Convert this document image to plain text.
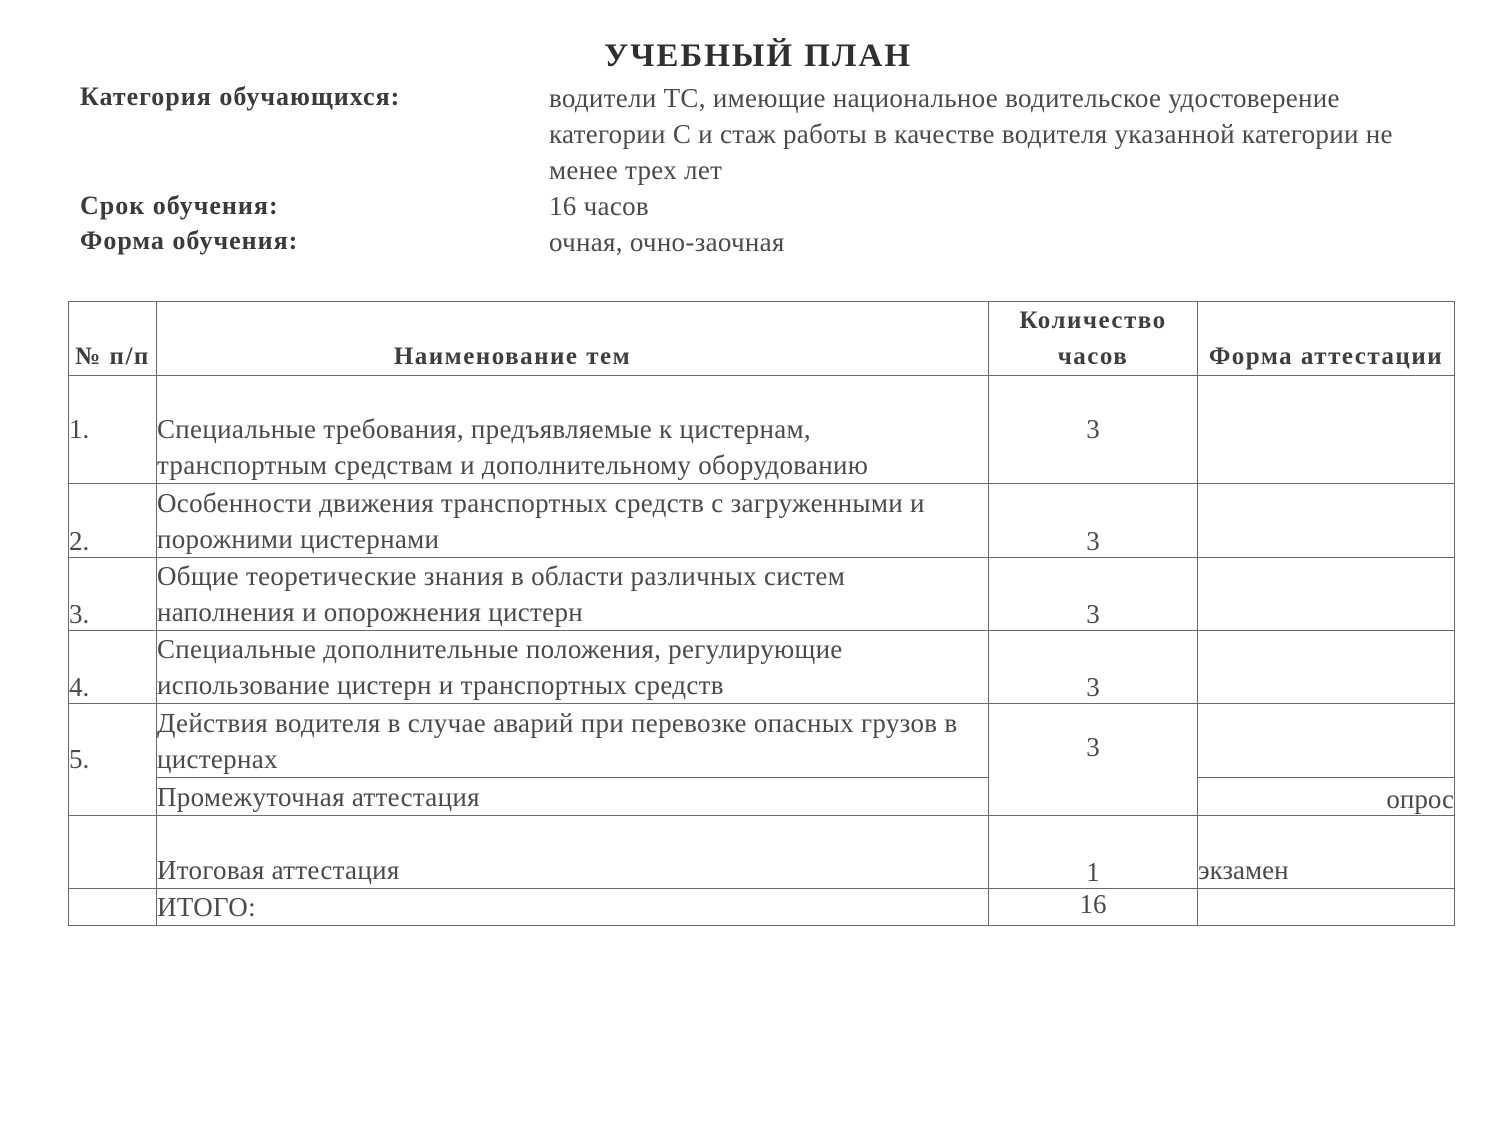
УЧЕБНЫЙ ПЛАН
Категория обучающихся:	водители ТС, имеющие национальное водительское удостоверение категории С и стаж работы в качестве водителя указанной категории не менее трех лет
Срок обучения:	16 часов
Форма обучения:	очная, очно-заочная
№ п/п	Наименование тем	Количество часов	Форма аттестации
1.	Специальные требования, предъявляемые к цистернам, транспортным средствам и дополнительному оборудованию	3	
2.	Особенности движения транспортных средств с загруженными и порожними цистернами	3	
3.	Общие теоретические знания в области различных систем наполнения и опорожнения цистерн	3	
4.	Специальные дополнительные положения, регулирующие использование цистерн и транспортных средств	3	
5.	Действия водителя в случае аварий при перевозке опасных грузов в цистернах	3	
	Промежуточная аттестация		опрос
	Итоговая аттестация	1	экзамен
	ИТОГО:	16	
